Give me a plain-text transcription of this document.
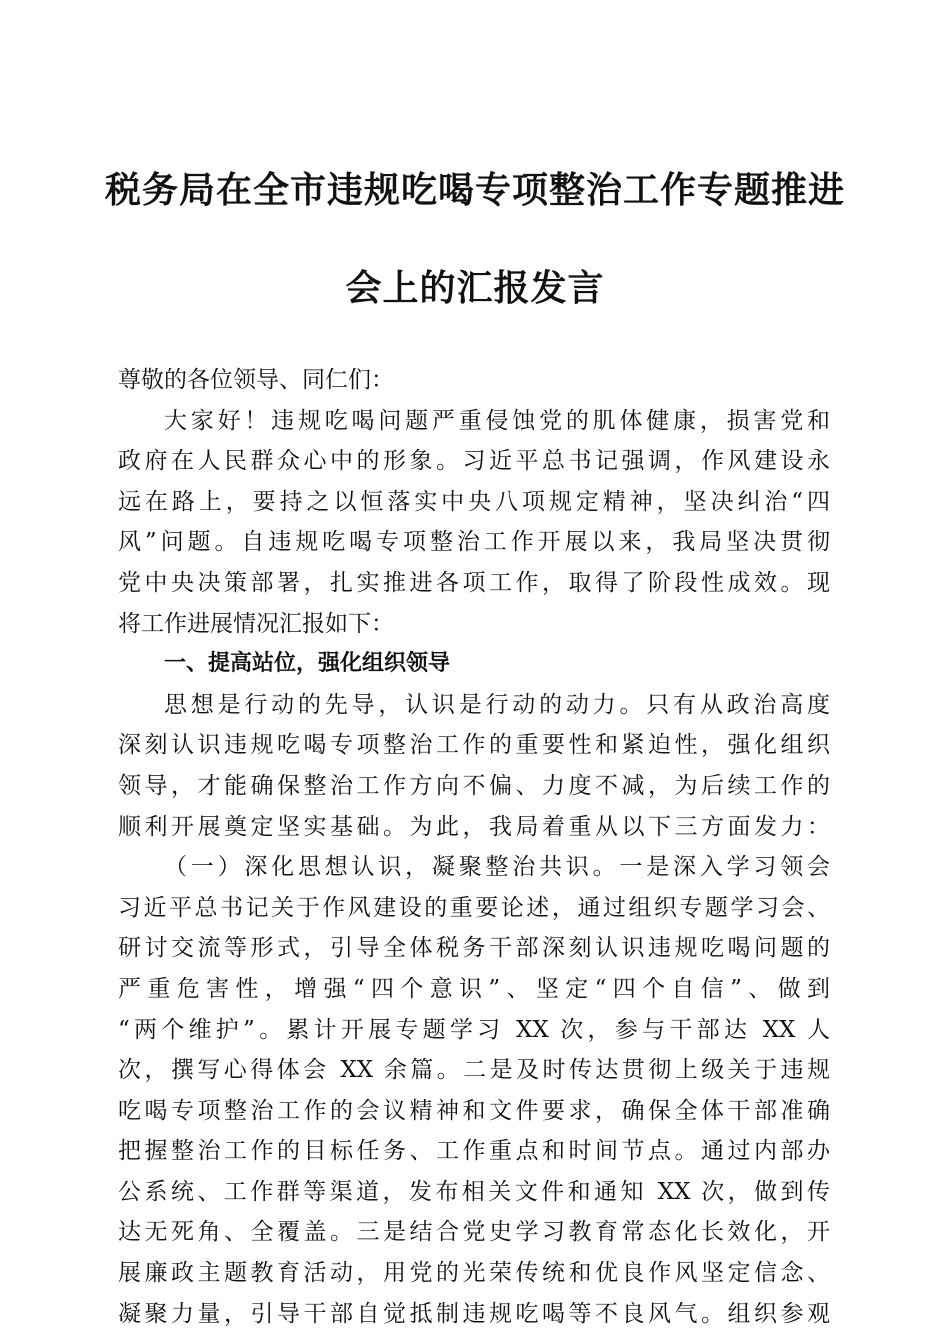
税务局在全市违规吃喝专项整治工作专题推进
会上的汇报发言
尊敬的各位领导、同仁们：
大家好！违规吃喝问题严重侵蚀党的肌体健康，损害党和
政府在人民群众心中的形象。习近平总书记强调，作风建设永
远在路上，要持之以恒落实中央八项规定精神，坚决纠治“四
风”问题。自违规吃喝专项整治工作开展以来，我局坚决贯彻
党中央决策部署，扎实推进各项工作，取得了阶段性成效。现
将工作进展情况汇报如下：
一、提高站位，强化组织领导
思想是行动的先导，认识是行动的动力。只有从政治高度
深刻认识违规吃喝专项整治工作的重要性和紧迫性，强化组织
领导，才能确保整治工作方向不偏、力度不减，为后续工作的
顺利开展奠定坚实基础。为此，我局着重从以下三方面发力：
（一）深化思想认识，凝聚整治共识。一是深入学习领会
习近平总书记关于作风建设的重要论述，通过组织专题学习会、
研讨交流等形式，引导全体税务干部深刻认识违规吃喝问题的
严重危害性，增强“四个意识”、坚定“四个自信”、做到
“两个维护”。累计开展专题学习 XX 次，参与干部达 XX 人
次，撰写心得体会 XX 余篇。二是及时传达贯彻上级关于违规
吃喝专项整治工作的会议精神和文件要求，确保全体干部准确
把握整治工作的目标任务、工作重点和时间节点。通过内部办
公系统、工作群等渠道，发布相关文件和通知 XX 次，做到传
达无死角、全覆盖。三是结合党史学习教育常态化长效化，开
展廉政主题教育活动，用党的光荣传统和优良作风坚定信念、
凝聚力量，引导干部自觉抵制违规吃喝等不良风气。组织参观
